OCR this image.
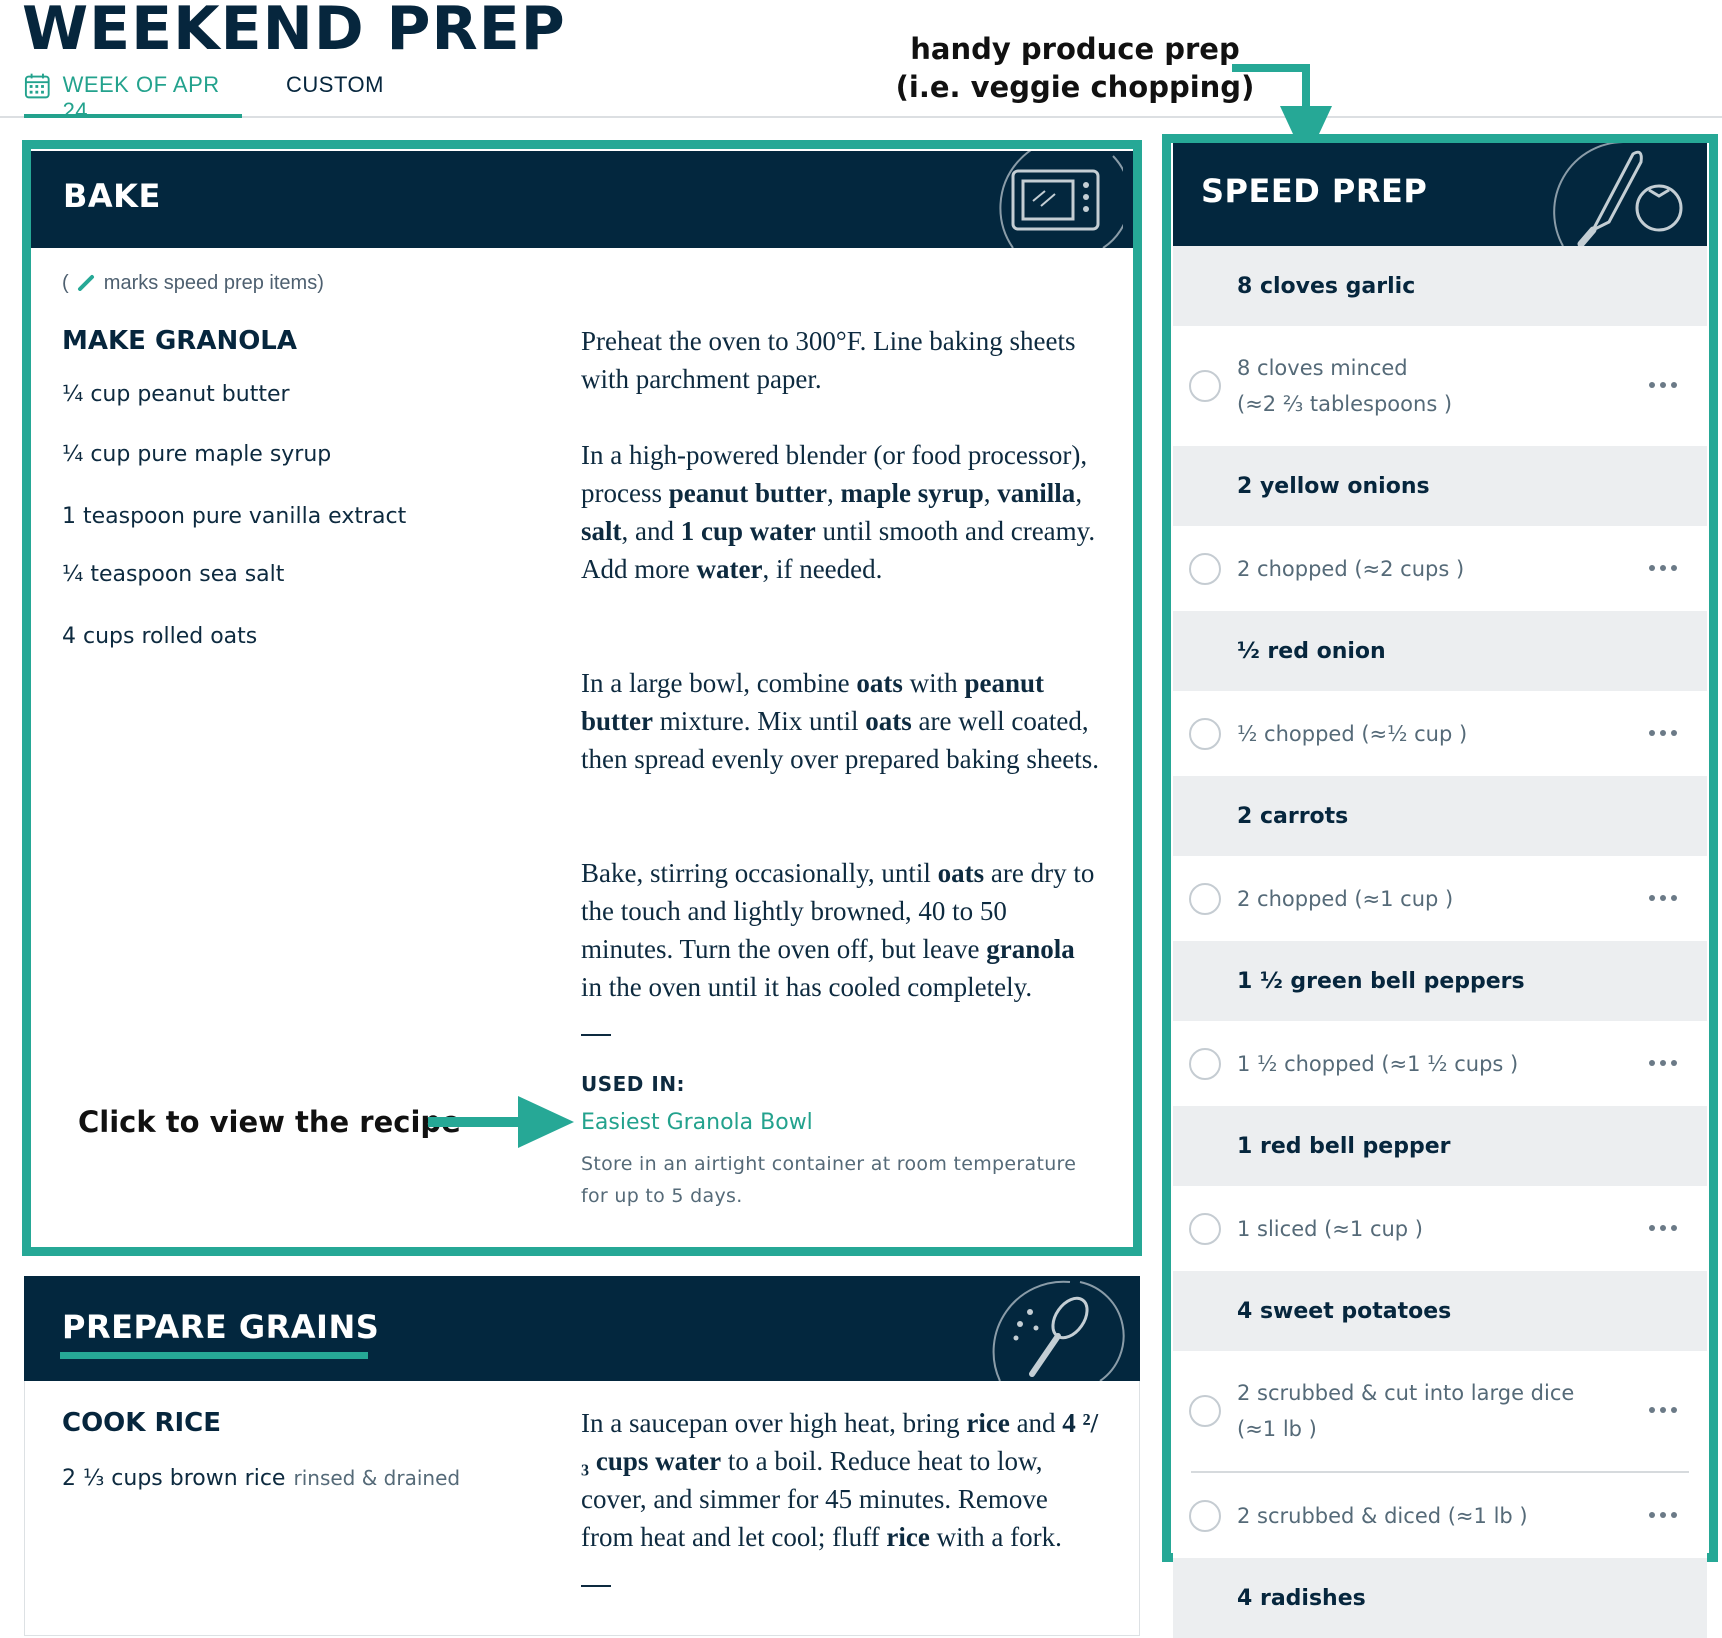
WEEKEND PREP
WEEK OF APR 24
CUSTOM
handy produce prep
(i.e. veggie chopping)
BAKE
( marks speed prep items)
MAKE GRANOLA
¼ cup peanut butter
¼ cup pure maple syrup
1 teaspoon pure vanilla extract
¼ teaspoon sea salt
4 cups rolled oats
Preheat the oven to 300°F. Line baking sheets with parchment paper.
In a high-powered blender (or food processor), process peanut butter, maple syrup, vanilla, salt, and 1 cup water until smooth and creamy. Add more water, if needed.
In a large bowl, combine oats with peanut butter mixture. Mix until oats are well coated, then spread evenly over prepared baking sheets.
Bake, stirring occasionally, until oats are dry to the touch and lightly browned, 40 to 50 minutes. Turn the oven off, but leave granola in the oven until it has cooled completely.
USED IN:
Easiest Granola Bowl
Store in an airtight container at room temperature for up to 5 days.
Click to view the recipe
PREPARE GRAINS
COOK RICE
2 ⅓ cups brown rice rinsed & drained
In a saucepan over high heat, bring rice and 4 ²/₃ cups water to a boil. Reduce heat to low, cover, and simmer for 45 minutes. Remove from heat and let cool; fluff rice with a fork.
SPEED PREP
8 cloves garlic
8 cloves minced
(≈2 ⅔ tablespoons )
2 yellow onions
2 chopped (≈2 cups )
½ red onion
½ chopped (≈½ cup )
2 carrots
2 chopped (≈1 cup )
1 ½ green bell peppers
1 ½ chopped (≈1 ½ cups )
1 red bell pepper
1 sliced (≈1 cup )
4 sweet potatoes
2 scrubbed & cut into large dice
(≈1 lb )
2 scrubbed & diced (≈1 lb )
4 radishes
